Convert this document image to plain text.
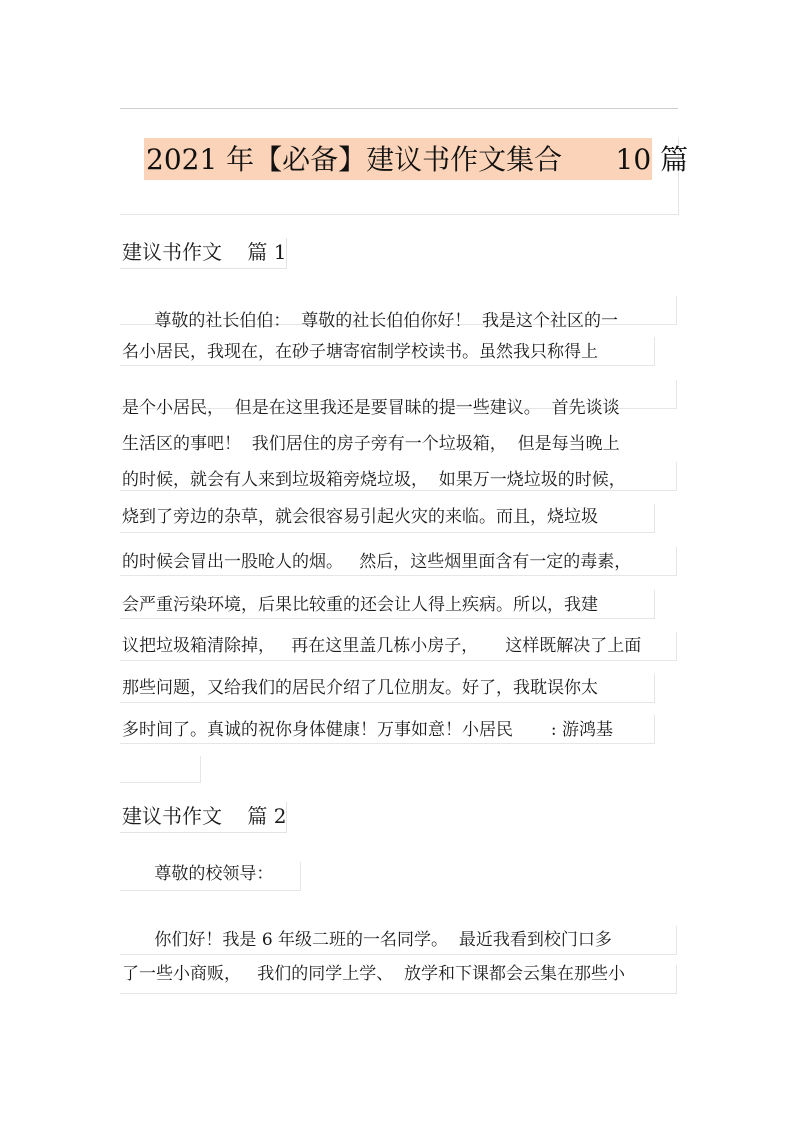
2021 年【必备】建议书作文集合      10 篇
建议书作文    篇 1
尊敬的社长伯伯：  尊敬的社长伯伯你好！  我是这个社区的一
名小居民，我现在，在砂子塘寄宿制学校读书。虽然我只称得上
是个小居民，  但是在这里我还是要冒昧的提一些建议。  首先谈谈
生活区的事吧！  我们居住的房子旁有一个垃圾箱，  但是每当晚上
的时候，就会有人来到垃圾箱旁烧垃圾，  如果万一烧垃圾的时候，
烧到了旁边的杂草，就会很容易引起火灾的来临。而且，烧垃圾
的时候会冒出一股呛人的烟。   然后，这些烟里面含有一定的毒素，
会严重污染环境，后果比较重的还会让人得上疾病。所以，我建
议把垃圾箱清除掉，   再在这里盖几栋小房子，     这样既解决了上面
那些问题，又给我们的居民介绍了几位朋友。好了，我耽误你太
多时间了。真诚的祝你身体健康！万事如意！小居民       : 游鸿基
建议书作文    篇 2
尊敬的校领导：
你们好！我是 6 年级二班的一名同学。  最近我看到校门口多
了一些小商贩，   我们的同学上学、  放学和下课都会云集在那些小
